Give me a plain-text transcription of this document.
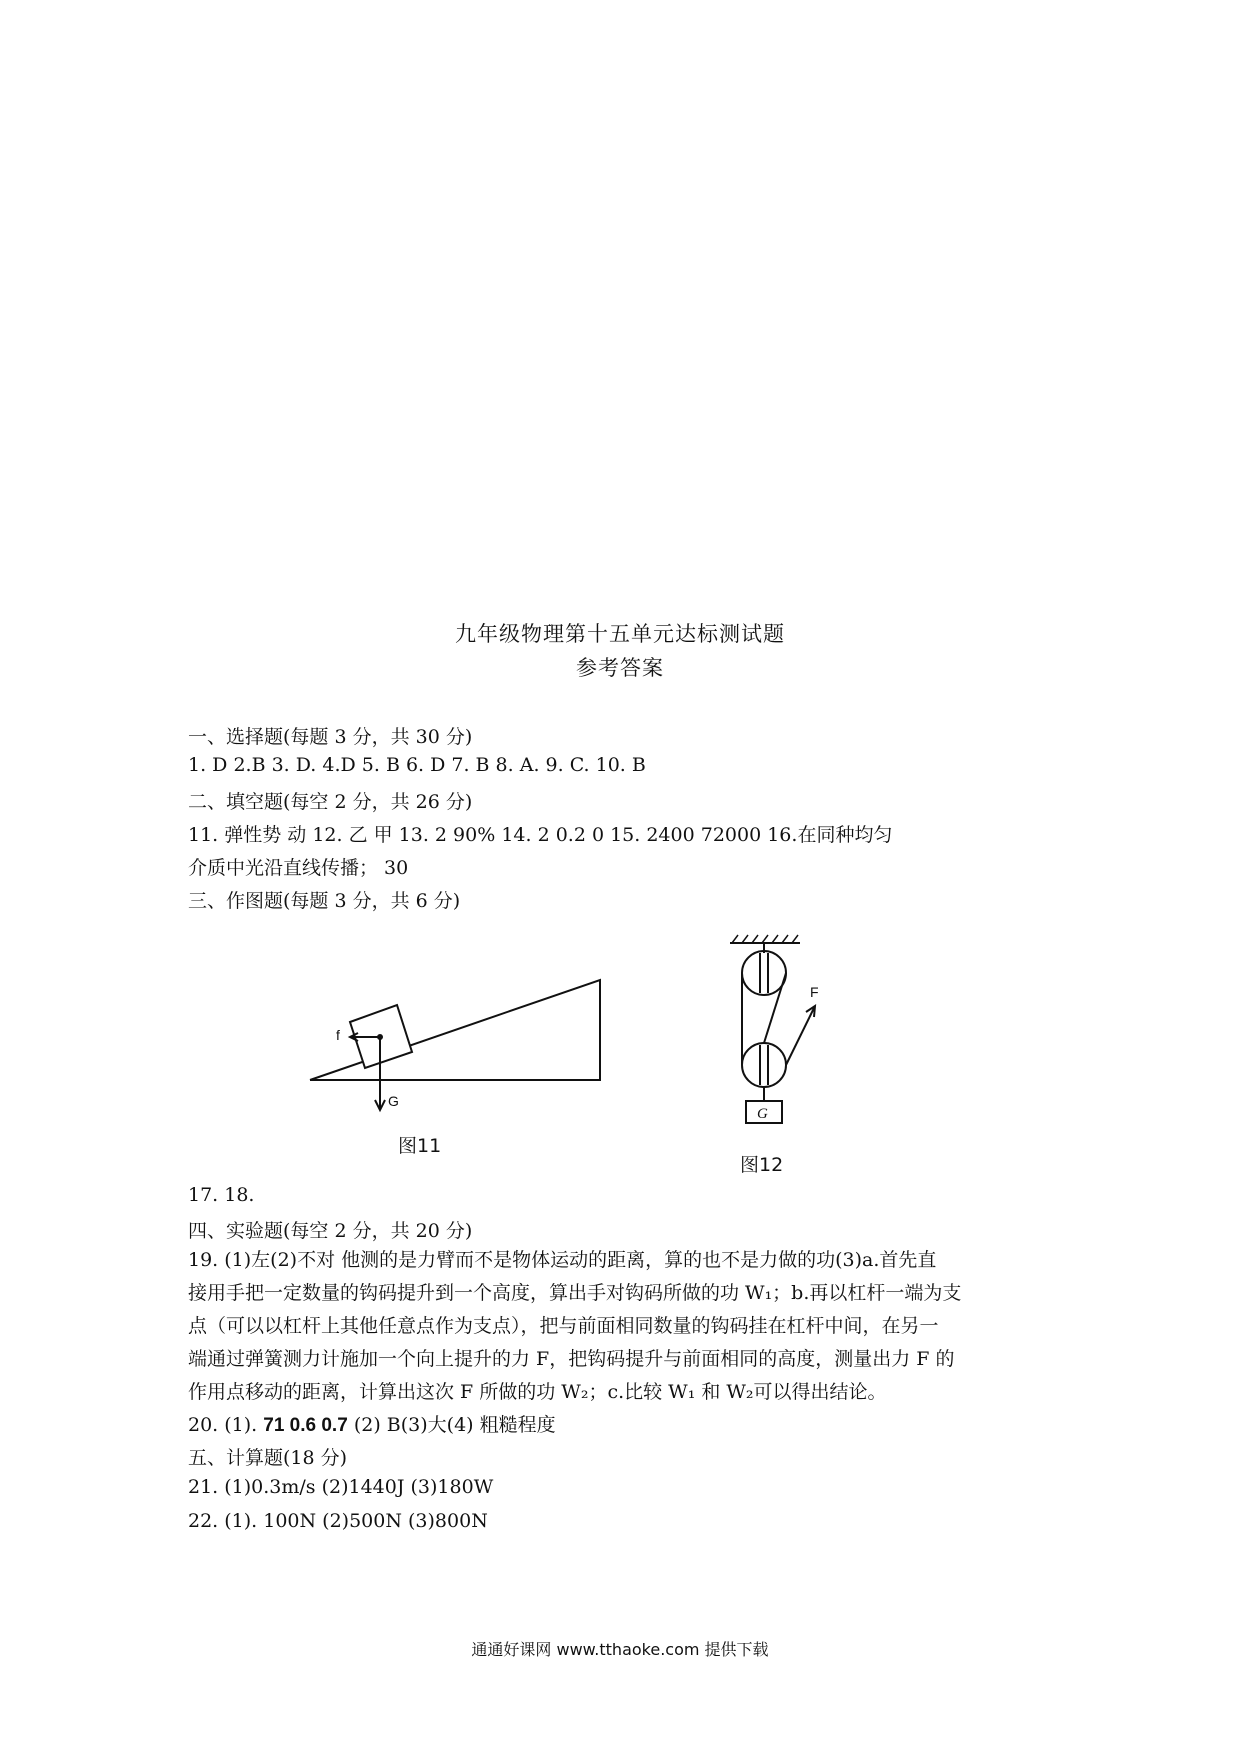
九年级物理第十五单元达标测试题
参考答案
一、选择题(每题 3 分，共 30 分)
1. D 2.B 3. D. 4.D 5. B 6. D 7. B 8. A. 9. C. 10. B
二、填空题(每空 2 分，共 26 分)
11. 弹性势 动 12. 乙 甲 13. 2 90% 14. 2 0.2 0 15. 2400 72000 16.在同种均匀
介质中光沿直线传播； 30
三、作图题(每题 3 分，共 6 分)
f
G
图11
F
G
图12
17. 18.
四、实验题(每空 2 分，共 20 分)
19. (1)左(2)不对 他测的是力臂而不是物体运动的距离，算的也不是力做的功(3)a.首先直
接用手把一定数量的钩码提升到一个高度，算出手对钩码所做的功 W₁；b.再以杠杆一端为支
点（可以以杠杆上其他任意点作为支点），把与前面相同数量的钩码挂在杠杆中间，在另一
端通过弹簧测力计施加一个向上提升的力 F，把钩码提升与前面相同的高度，测量出力 F 的
作用点移动的距离，计算出这次 F 所做的功 W₂；c.比较 W₁ 和 W₂可以得出结论。
20. (1). 71 0.6 0.7 (2) B(3)大(4) 粗糙程度
五、计算题(18 分)
21. (1)0.3m/s (2)1440J (3)180W
22. (1). 100N (2)500N (3)800N
通通好课网 www.tthaoke.com 提供下载
